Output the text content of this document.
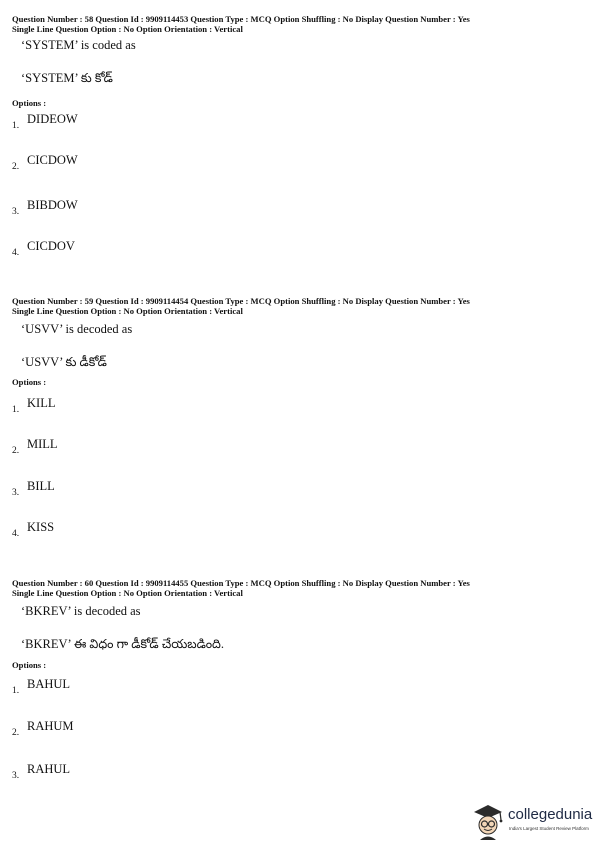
Question Number : 58 Question Id : 9909114453 Question Type : MCQ Option Shuffling : No Display Question Number : Yes

Single Line Question Option : No Option Orientation : Vertical

‘SYSTEM’ is coded as
‘SYSTEM’ కు కోడ్
Options :
1. DIDEOW
2. CICDOW
3. BIBDOW
4. CICDOV

Question Number : 59 Question Id : 9909114454 Question Type : MCQ Option Shuffling : No Display Question Number : Yes

Single Line Question Option : No Option Orientation : Vertical

‘USVV’ is decoded as
‘USVV’ కు డీకోడ్
Options :
1. KILL
2. MILL
3. BILL
4. KISS

Question Number : 60 Question Id : 9909114455 Question Type : MCQ Option Shuffling : No Display Question Number : Yes

Single Line Question Option : No Option Orientation : Vertical

‘BKREV’ is decoded as
‘BKREV’ ఈ విధం గా డీకోడ్ చేయబడింది.
Options :
1. BAHUL
2. RAHUM
3. RAHUL
collegedunia
India's Largest Student Review Platform
